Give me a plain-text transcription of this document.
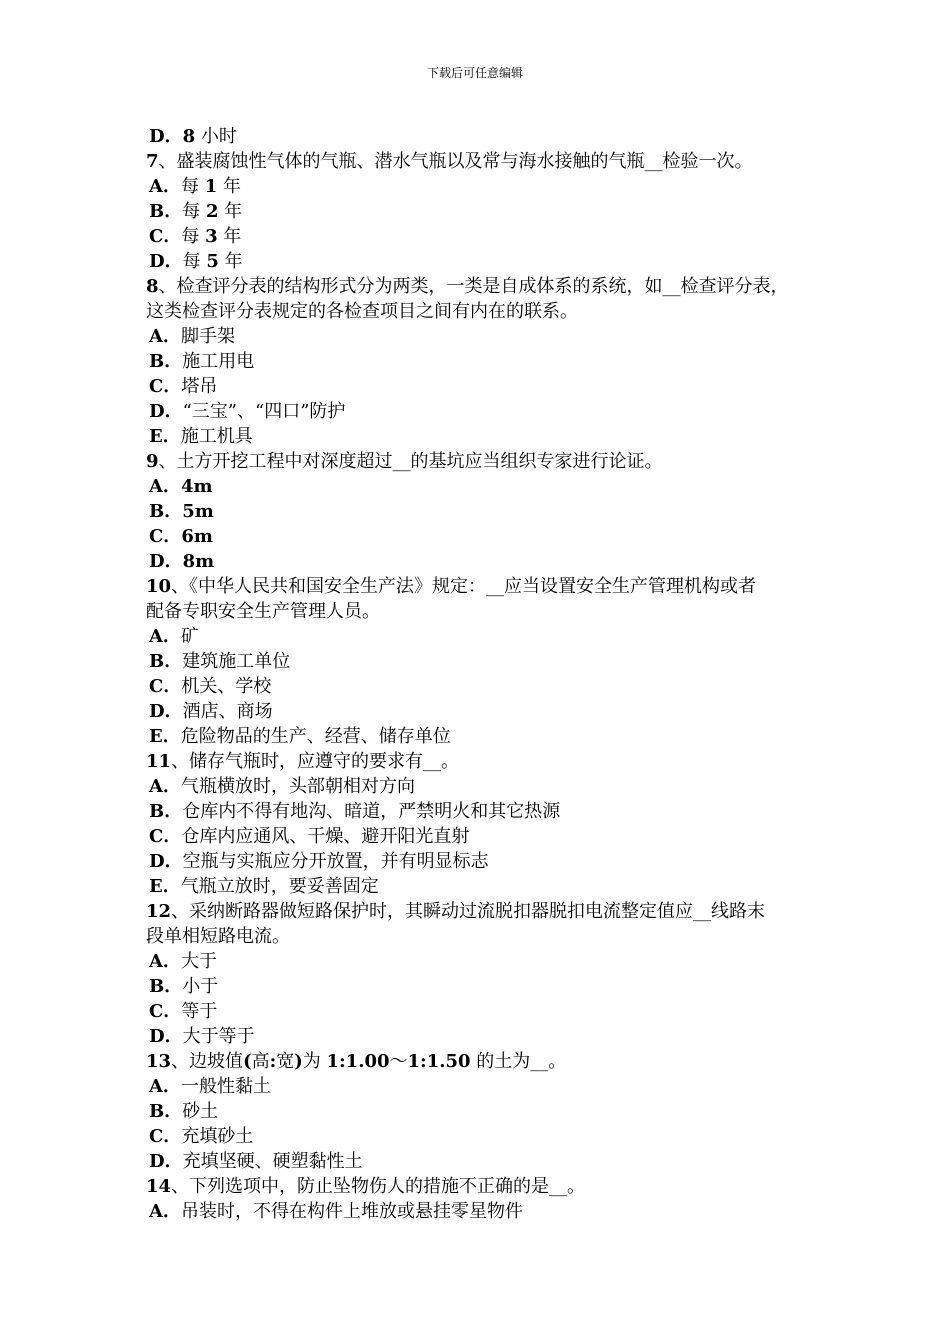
下载后可任意编辑
D．8 小时
7、盛装腐蚀性气体的气瓶、潜水气瓶以及常与海水接触的气瓶__检验一次。
A．每 1 年
B．每 2 年
C．每 3 年
D．每 5 年
8、检查评分表的结构形式分为两类，一类是自成体系的系统，如__检查评分表，
这类检查评分表规定的各检查项目之间有内在的联系。
A．脚手架
B．施工用电
C．塔吊
D．“三宝”、“四口”防护
E．施工机具
9、土方开挖工程中对深度超过__的基坑应当组织专家进行论证。
A．4m
B．5m
C．6m
D．8m
10、《中华人民共和国安全生产法》规定：__应当设置安全生产管理机构或者
配备专职安全生产管理人员。
A．矿
B．建筑施工单位
C．机关、学校
D．酒店、商场
E．危险物品的生产、经营、储存单位
11、储存气瓶时，应遵守的要求有__。
A．气瓶横放时，头部朝相对方向
B．仓库内不得有地沟、暗道，严禁明火和其它热源
C．仓库内应通风、干燥、避开阳光直射
D．空瓶与实瓶应分开放置，并有明显标志
E．气瓶立放时，要妥善固定
12、采纳断路器做短路保护时，其瞬动过流脱扣器脱扣电流整定值应__线路末
段单相短路电流。
A．大于
B．小于
C．等于
D．大于等于
13、边坡值(高:宽)为 1:1.00～1:1.50 的土为__。
A．一般性黏土
B．砂土
C．充填砂土
D．充填坚硬、硬塑黏性土
14、下列选项中，防止坠物伤人的措施不正确的是__。
A．吊装时，不得在构件上堆放或悬挂零星物件
